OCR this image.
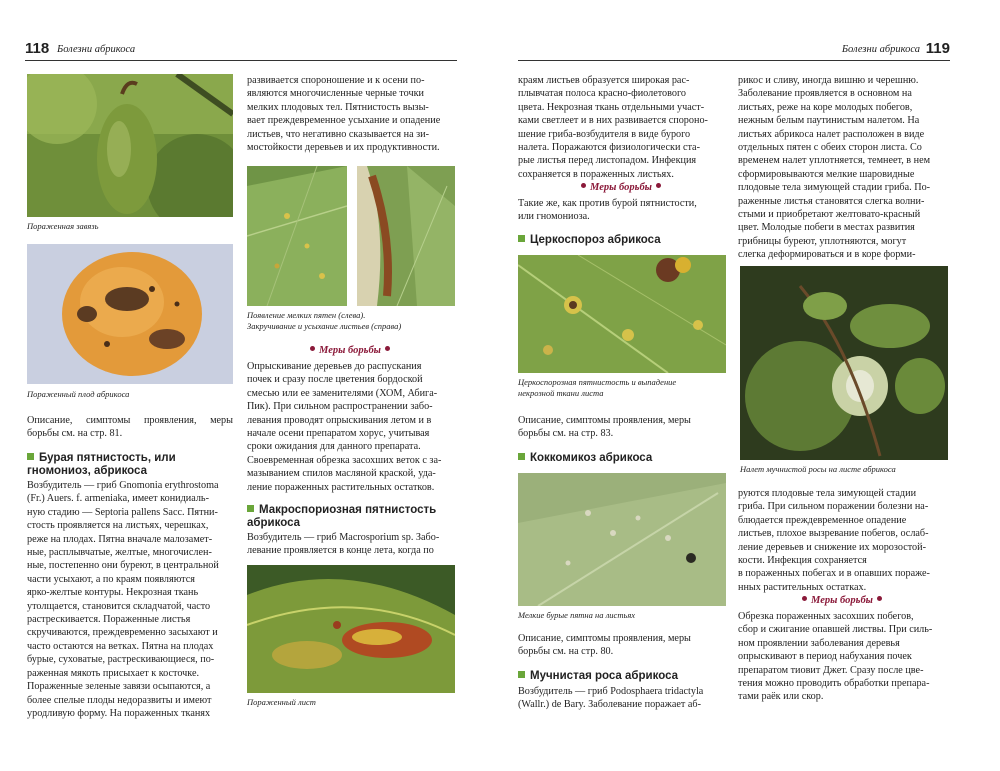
118 Болезни абрикоса
Пораженная завязь
Пораженный плод абрикоса

Описание, симптомы проявления, меры борьбы см. на стр. 81.

Бурая пятнистость, или
гномониоз, абрикоса

Возбудитель — гриб Gnomonia erythrostoma

(Fr.) Auers. f. armeniaka, имеет конидиаль-

ную стадию — Septoria pallens Sacc. Пятни-

стость проявляется на листьях, черешках,

реже на плодах. Пятна вначале малозамет-

ные, расплывчатые, желтые, многочислен-

ные, постепенно они буреют, в центральной

части усыхают, а по краям появляются

ярко-желтые контуры. Некрозная ткань

утолщается, становится складчатой, часто

растрескивается. Пораженные листья

скручиваются, преждевременно засыхают и

часто остаются на ветках. Пятна на плодах

бурые, суховатые, растрескивающиеся, по-

раженная мякоть присыхает к косточке.

Пораженные зеленые завязи осыпаются, а

более спелые плоды недоразвиты и имеют

уродливую форму. На пораженных тканях

развивается спороношение и к осени по-

являются многочисленные черные точки

мелких плодовых тел. Пятнистость вызы-

вает преждевременное усыхание и опадение

листьев, что негативно сказывается на зи-

мостойкости деревьев и их продуктивности.

Появление мелких пятен (слева).
Закручивание и усыхание листьев (справа)
Меры борьбы

Опрыскивание деревьев до распускания

почек и сразу после цветения бордоской

смесью или ее заменителями (ХОМ, Абига-

Пик). При сильном распространении забо-

левания проводят опрыскивания летом и в

начале осени препаратом хорус, учитывая

сроки ожидания для данного препарата.

Своевременная обрезка засохших веток с за-

мазыванием спилов масляной краской, уда-

ление пораженных растительных остатков.

Макроспориозная пятнистость
абрикоса

Возбудитель — гриб Macrosporium sp. Забо-

левание проявляется в конце лета, когда по

Пораженный лист
Болезни абрикоса 119

краям листьев образуется широкая рас-

плывчатая полоса красно-фиолетового

цвета. Некрозная ткань отдельными участ-

ками светлеет и в них развивается спороно-

шение гриба-возбудителя в виде бурого

налета. Поражаются физиологически ста-

рые листья перед листопадом. Инфекция

сохраняется в пораженных листьях.

Меры борьбы

Такие же, как против бурой пятнистости,

или гномониоза.

Церкоспороз абрикоса
Церкоспорозная пятнистость и выпадение
некрозной ткани листа

Описание, симптомы проявления, меры

борьбы см. на стр. 83.

Коккомикоз абрикоса
Мелкие бурые пятна на листьях

Описание, симптомы проявления, меры

борьбы см. на стр. 80.

Мучнистая роса абрикоса

Возбудитель — гриб Podosphaera tridactyla

(Wallr.) de Bary. Заболевание поражает аб-

рикос и сливу, иногда вишню и черешню.

Заболевание проявляется в основном на

листьях, реже на коре молодых побегов,

нежным белым паутинистым налетом. На

листьях абрикоса налет расположен в виде

отдельных пятен с обеих сторон листа. Со

временем налет уплотняется, темнеет, в нем

сформировываются мелкие шаровидные

плодовые тела зимующей стадии гриба. По-

раженные листья становятся слегка волни-

стыми и приобретают желтовато-красный

цвет. Молодые побеги в местах развития

грибницы буреют, уплотняются, могут

слегка деформироваться и в коре форми-

Налет мучнистой росы на листе абрикоса

руются плодовые тела зимующей стадии

гриба. При сильном поражении болезни на-

блюдается преждевременное опадение

листьев, плохое вызревание побегов, ослаб-

ление деревьев и снижение их морозостой-

кости. Инфекция сохраняется

в пораженных побегах и в опавших пораже-

нных растительных остатках.

Меры борьбы

Обрезка пораженных засохших побегов,

сбор и сжигание опавшей листвы. При силь-

ном проявлении заболевания деревья

опрыскивают в период набухания почек

препаратом тиовит Джет. Сразу после цве-

тения можно проводить обработки препара-

тами раёк или скор.
